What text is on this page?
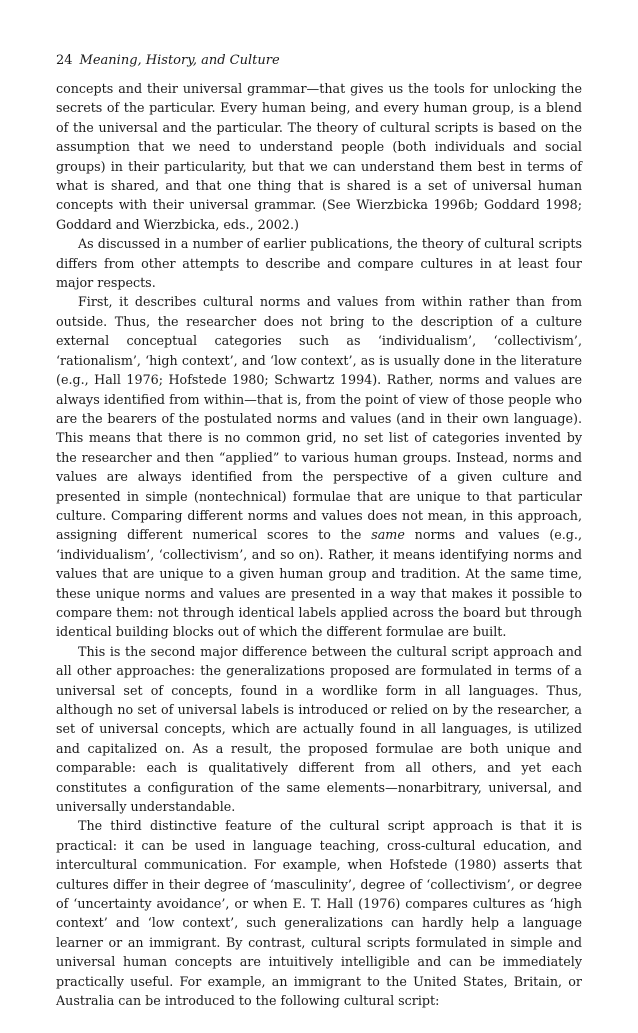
24 Meaning, History, and Culture

concepts and their universal grammar—that gives us the tools for unlocking the secrets of the particular. Every human being, and every human group, is a blend of the universal and the particular. The theory of cultural scripts is based on the assumption that we need to understand people (both individuals and social groups) in their particularity, but that we can understand them best in terms of what is shared, and that one thing that is shared is a set of universal human concepts with their universal grammar. (See Wierzbicka 1996b; Goddard 1998; Goddard and Wierzbicka, eds., 2002.)

As discussed in a number of earlier publications, the theory of cultural scripts differs from other attempts to describe and compare cultures in at least four major respects.

First, it describes cultural norms and values from within rather than from outside. Thus, the researcher does not bring to the description of a culture external conceptual categories such as ‘individualism’, ‘collectivism’, ‘rationalism’, ‘high context’, and ‘low context’, as is usually done in the literature (e.g., Hall 1976; Hofstede 1980; Schwartz 1994). Rather, norms and values are always identified from within—that is, from the point of view of those people who are the bearers of the postulated norms and values (and in their own language). This means that there is no common grid, no set list of categories invented by the researcher and then “applied” to various human groups. Instead, norms and values are always identified from the perspective of a given culture and presented in simple (nontechnical) formulae that are unique to that particular culture. Comparing different norms and values does not mean, in this approach, assigning different numerical scores to the same norms and values (e.g., ‘individualism’, ‘collectivism’, and so on). Rather, it means identifying norms and values that are unique to a given human group and tradition. At the same time, these unique norms and values are presented in a way that makes it possible to compare them: not through identical labels applied across the board but through identical building blocks out of which the different formulae are built.

This is the second major difference between the cultural script approach and all other approaches: the generalizations proposed are formulated in terms of a universal set of concepts, found in a wordlike form in all languages. Thus, although no set of universal labels is introduced or relied on by the researcher, a set of universal concepts, which are actually found in all languages, is utilized and capitalized on. As a result, the proposed formulae are both unique and comparable: each is qualitatively different from all others, and yet each constitutes a configuration of the same elements—nonarbitrary, universal, and universally understandable.

The third distinctive feature of the cultural script approach is that it is practical: it can be used in language teaching, cross-cultural education, and intercultural communication. For example, when Hofstede (1980) asserts that cultures differ in their degree of ‘masculinity’, degree of ‘collectivism’, or degree of ‘uncertainty avoidance’, or when E. T. Hall (1976) compares cultures as ‘high context’ and ‘low context’, such generalizations can hardly help a language learner or an immigrant. By contrast, cultural scripts formulated in simple and universal human concepts are intuitively intelligible and can be immediately practically useful. For example, an immigrant to the United States, Britain, or Australia can be introduced to the following cultural script:
